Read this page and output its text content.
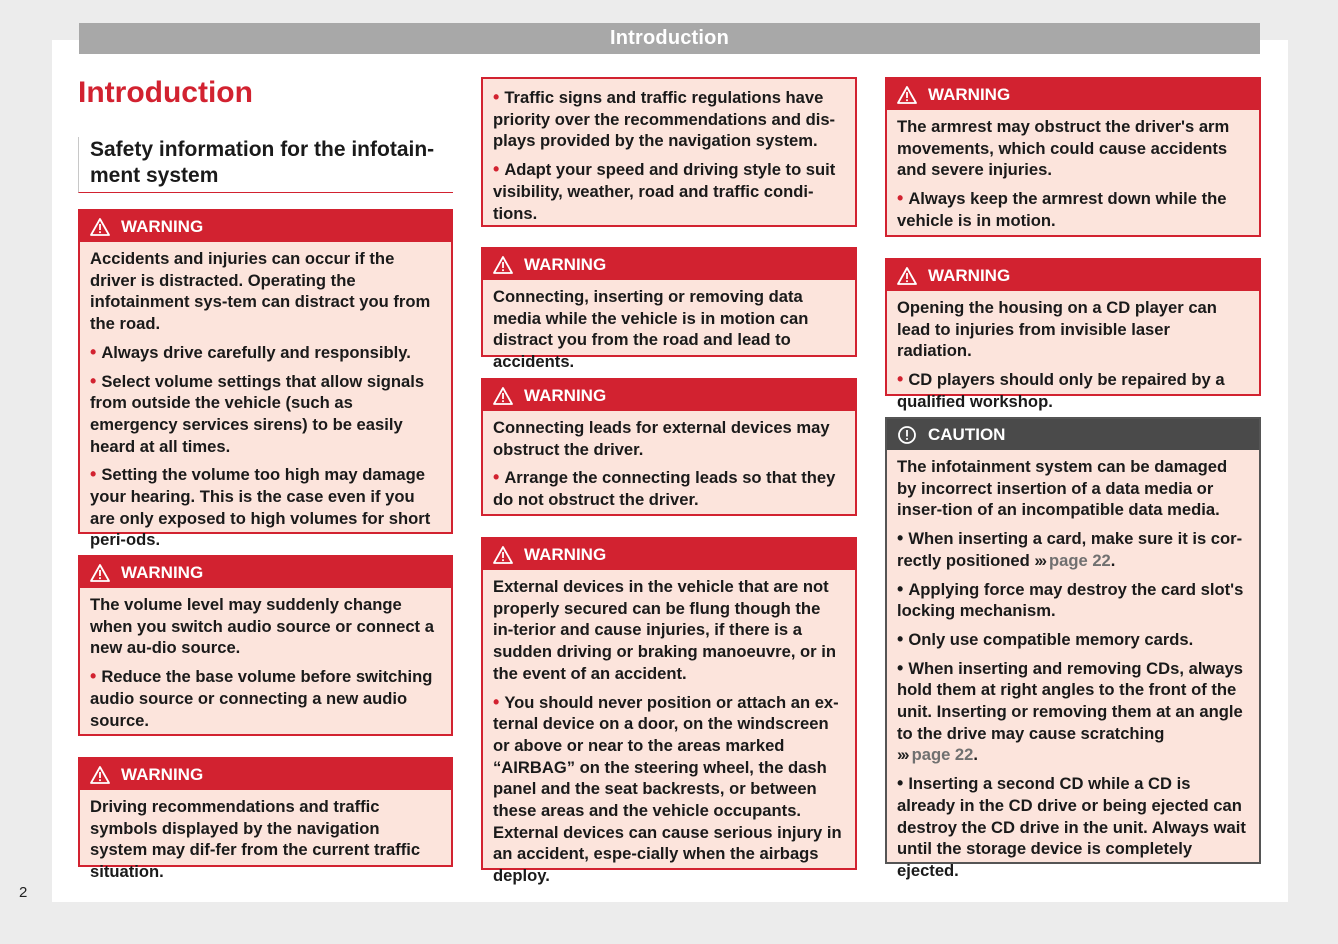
Introduction
2
Introduction
Safety information for the infotain-
ment system
WARNING

Accidents and injuries can occur if the driver is distracted. Operating the infotainment sys-tem can distract you from the road.

• Always drive carefully and responsibly.

• Select volume settings that allow signals from outside the vehicle (such as emergency services sirens) to be easily heard at all times.

• Setting the volume too high may damage your hearing. This is the case even if you are only exposed to high volumes for short peri-ods.

WARNING

The volume level may suddenly change when you switch audio source or connect a new au-dio source.

• Reduce the base volume before switching audio source or connecting a new audio source.

WARNING

Driving recommendations and traffic symbols displayed by the navigation system may dif-fer from the current traffic situation.

• Traffic signs and traffic regulations have priority over the recommendations and dis-plays provided by the navigation system.

• Adapt your speed and driving style to suit visibility, weather, road and traffic condi-tions.

WARNING

Connecting, inserting or removing data media while the vehicle is in motion can distract you from the road and lead to accidents.

WARNING

Connecting leads for external devices may obstruct the driver.

• Arrange the connecting leads so that they do not obstruct the driver.

WARNING

External devices in the vehicle that are not properly secured can be flung though the in-terior and cause injuries, if there is a sudden driving or braking manoeuvre, or in the event of an accident.

• You should never position or attach an ex-ternal device on a door, on the windscreen or above or near to the areas marked “AIRBAG” on the steering wheel, the dash panel and the seat backrests, or between these areas and the vehicle occupants. External devices can cause serious injury in an accident, espe-cially when the airbags deploy.

WARNING

The armrest may obstruct the driver's arm movements, which could cause accidents and severe injuries.

• Always keep the armrest down while the vehicle is in motion.

WARNING

Opening the housing on a CD player can lead to injuries from invisible laser radiation.

• CD players should only be repaired by a qualified workshop.

CAUTION

The infotainment system can be damaged by incorrect insertion of a data media or inser-tion of an incompatible data media.

• When inserting a card, make sure it is cor-rectly positioned ››› page 22.

• Applying force may destroy the card slot's locking mechanism.

• Only use compatible memory cards.

• When inserting and removing CDs, always hold them at right angles to the front of the unit. Inserting or removing them at an angle to the drive may cause scratching
››› page 22.

• Inserting a second CD while a CD is already in the CD drive or being ejected can destroy the CD drive in the unit. Always wait until the storage device is completely ejected.
